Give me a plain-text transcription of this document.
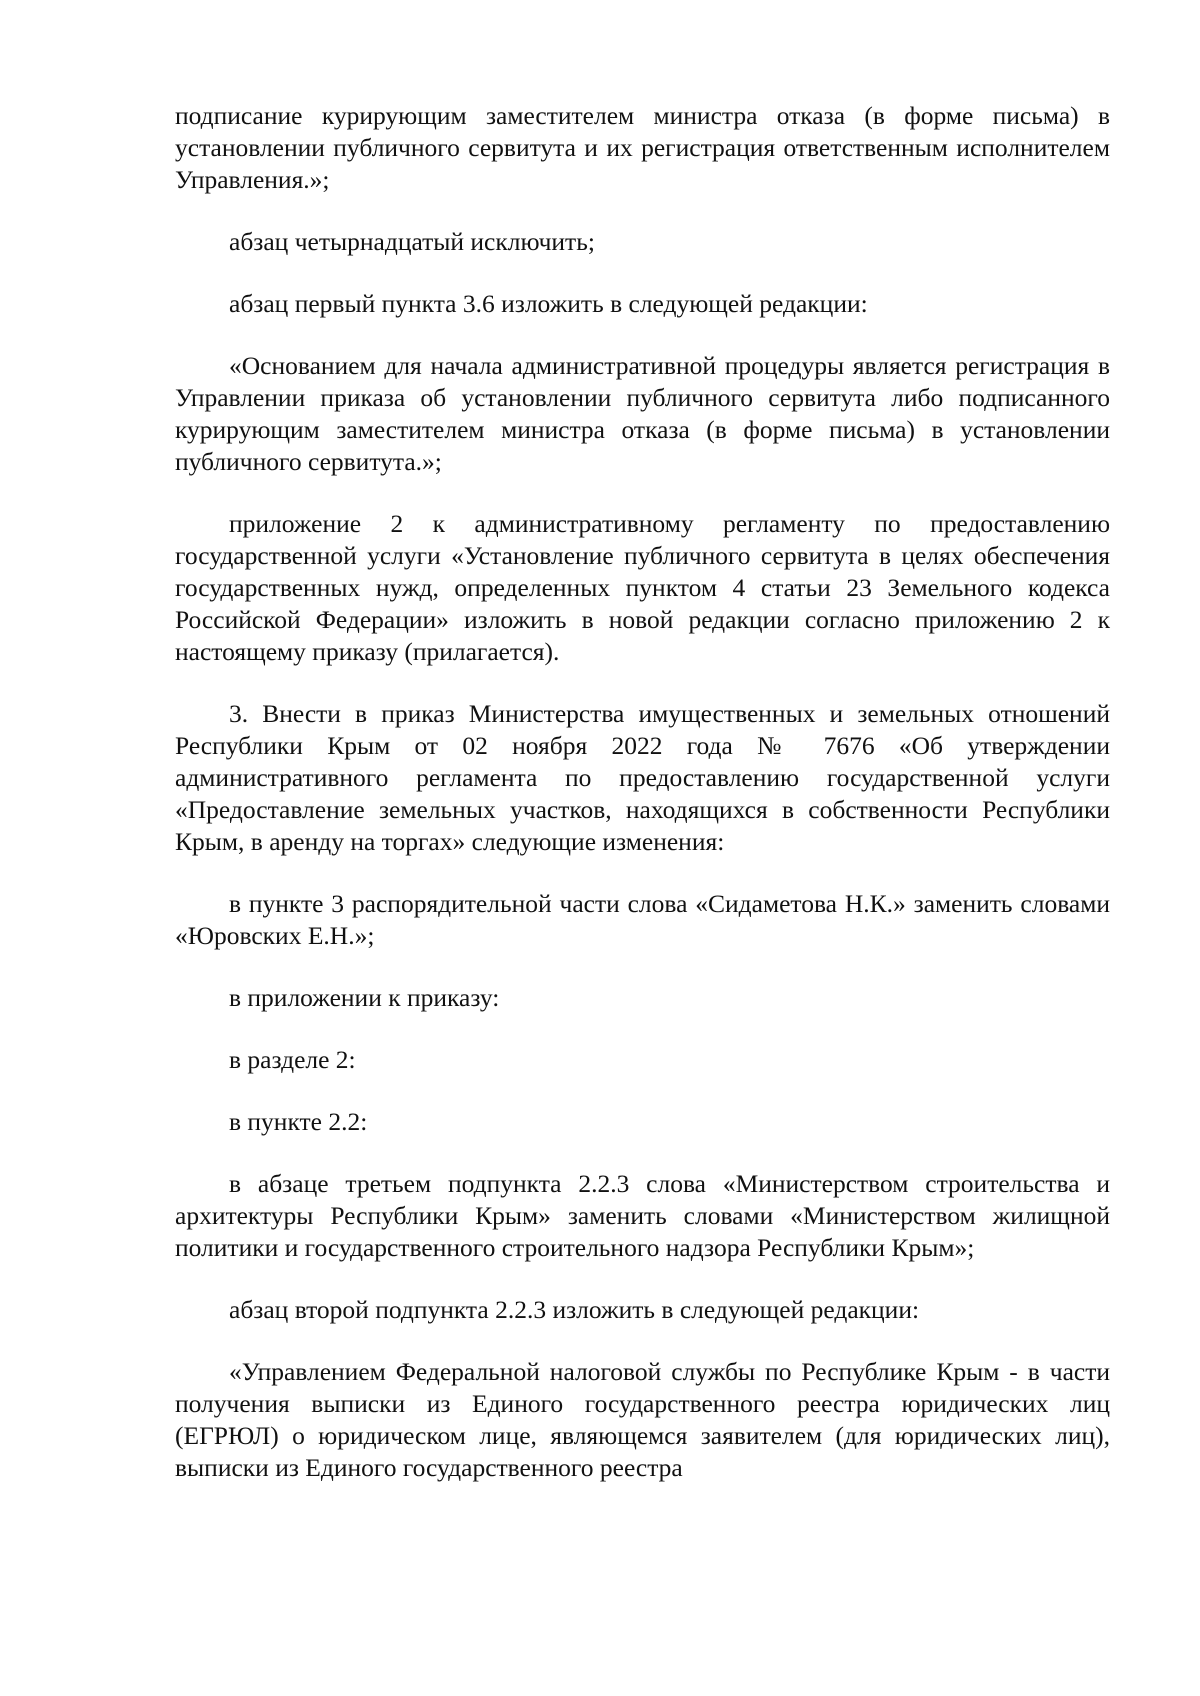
подписание курирующим заместителем министра отказа (в форме письма) в установлении публичного сервитута и их регистрация ответственным исполнителем Управления.»;

абзац четырнадцатый исключить;

абзац первый пункта 3.6 изложить в следующей редакции:

«Основанием для начала административной процедуры является регистрация в Управлении приказа об установлении публичного сервитута либо подписанного курирующим заместителем министра отказа (в форме письма) в установлении публичного сервитута.»;

приложение 2 к административному регламенту по предоставлению государственной услуги «Установление публичного сервитута в целях обеспечения государственных нужд, определенных пунктом 4 статьи 23 Земельного кодекса Российской Федерации» изложить в новой редакции согласно приложению 2 к настоящему приказу (прилагается).

3. Внести в приказ Министерства имущественных и земельных отношений Республики Крым от 02 ноября 2022 года № 7676 «Об утверждении административного регламента по предоставлению государственной услуги «Предоставление земельных участков, находящихся в собственности Республики Крым, в аренду на торгах» следующие изменения:

в пункте 3 распорядительной части слова «Сидаметова Н.К.» заменить словами «Юровских Е.Н.»;

в приложении к приказу:

в разделе 2:

в пункте 2.2:

в абзаце третьем подпункта 2.2.3 слова «Министерством строительства и архитектуры Республики Крым» заменить словами «Министерством жилищной политики и государственного строительного надзора Республики Крым»;

абзац второй подпункта 2.2.3 изложить в следующей редакции:

«Управлением Федеральной налоговой службы по Республике Крым - в части получения выписки из Единого государственного реестра юридических лиц (ЕГРЮЛ) о юридическом лице, являющемся заявителем (для юридических лиц), выписки из Единого государственного реестра
